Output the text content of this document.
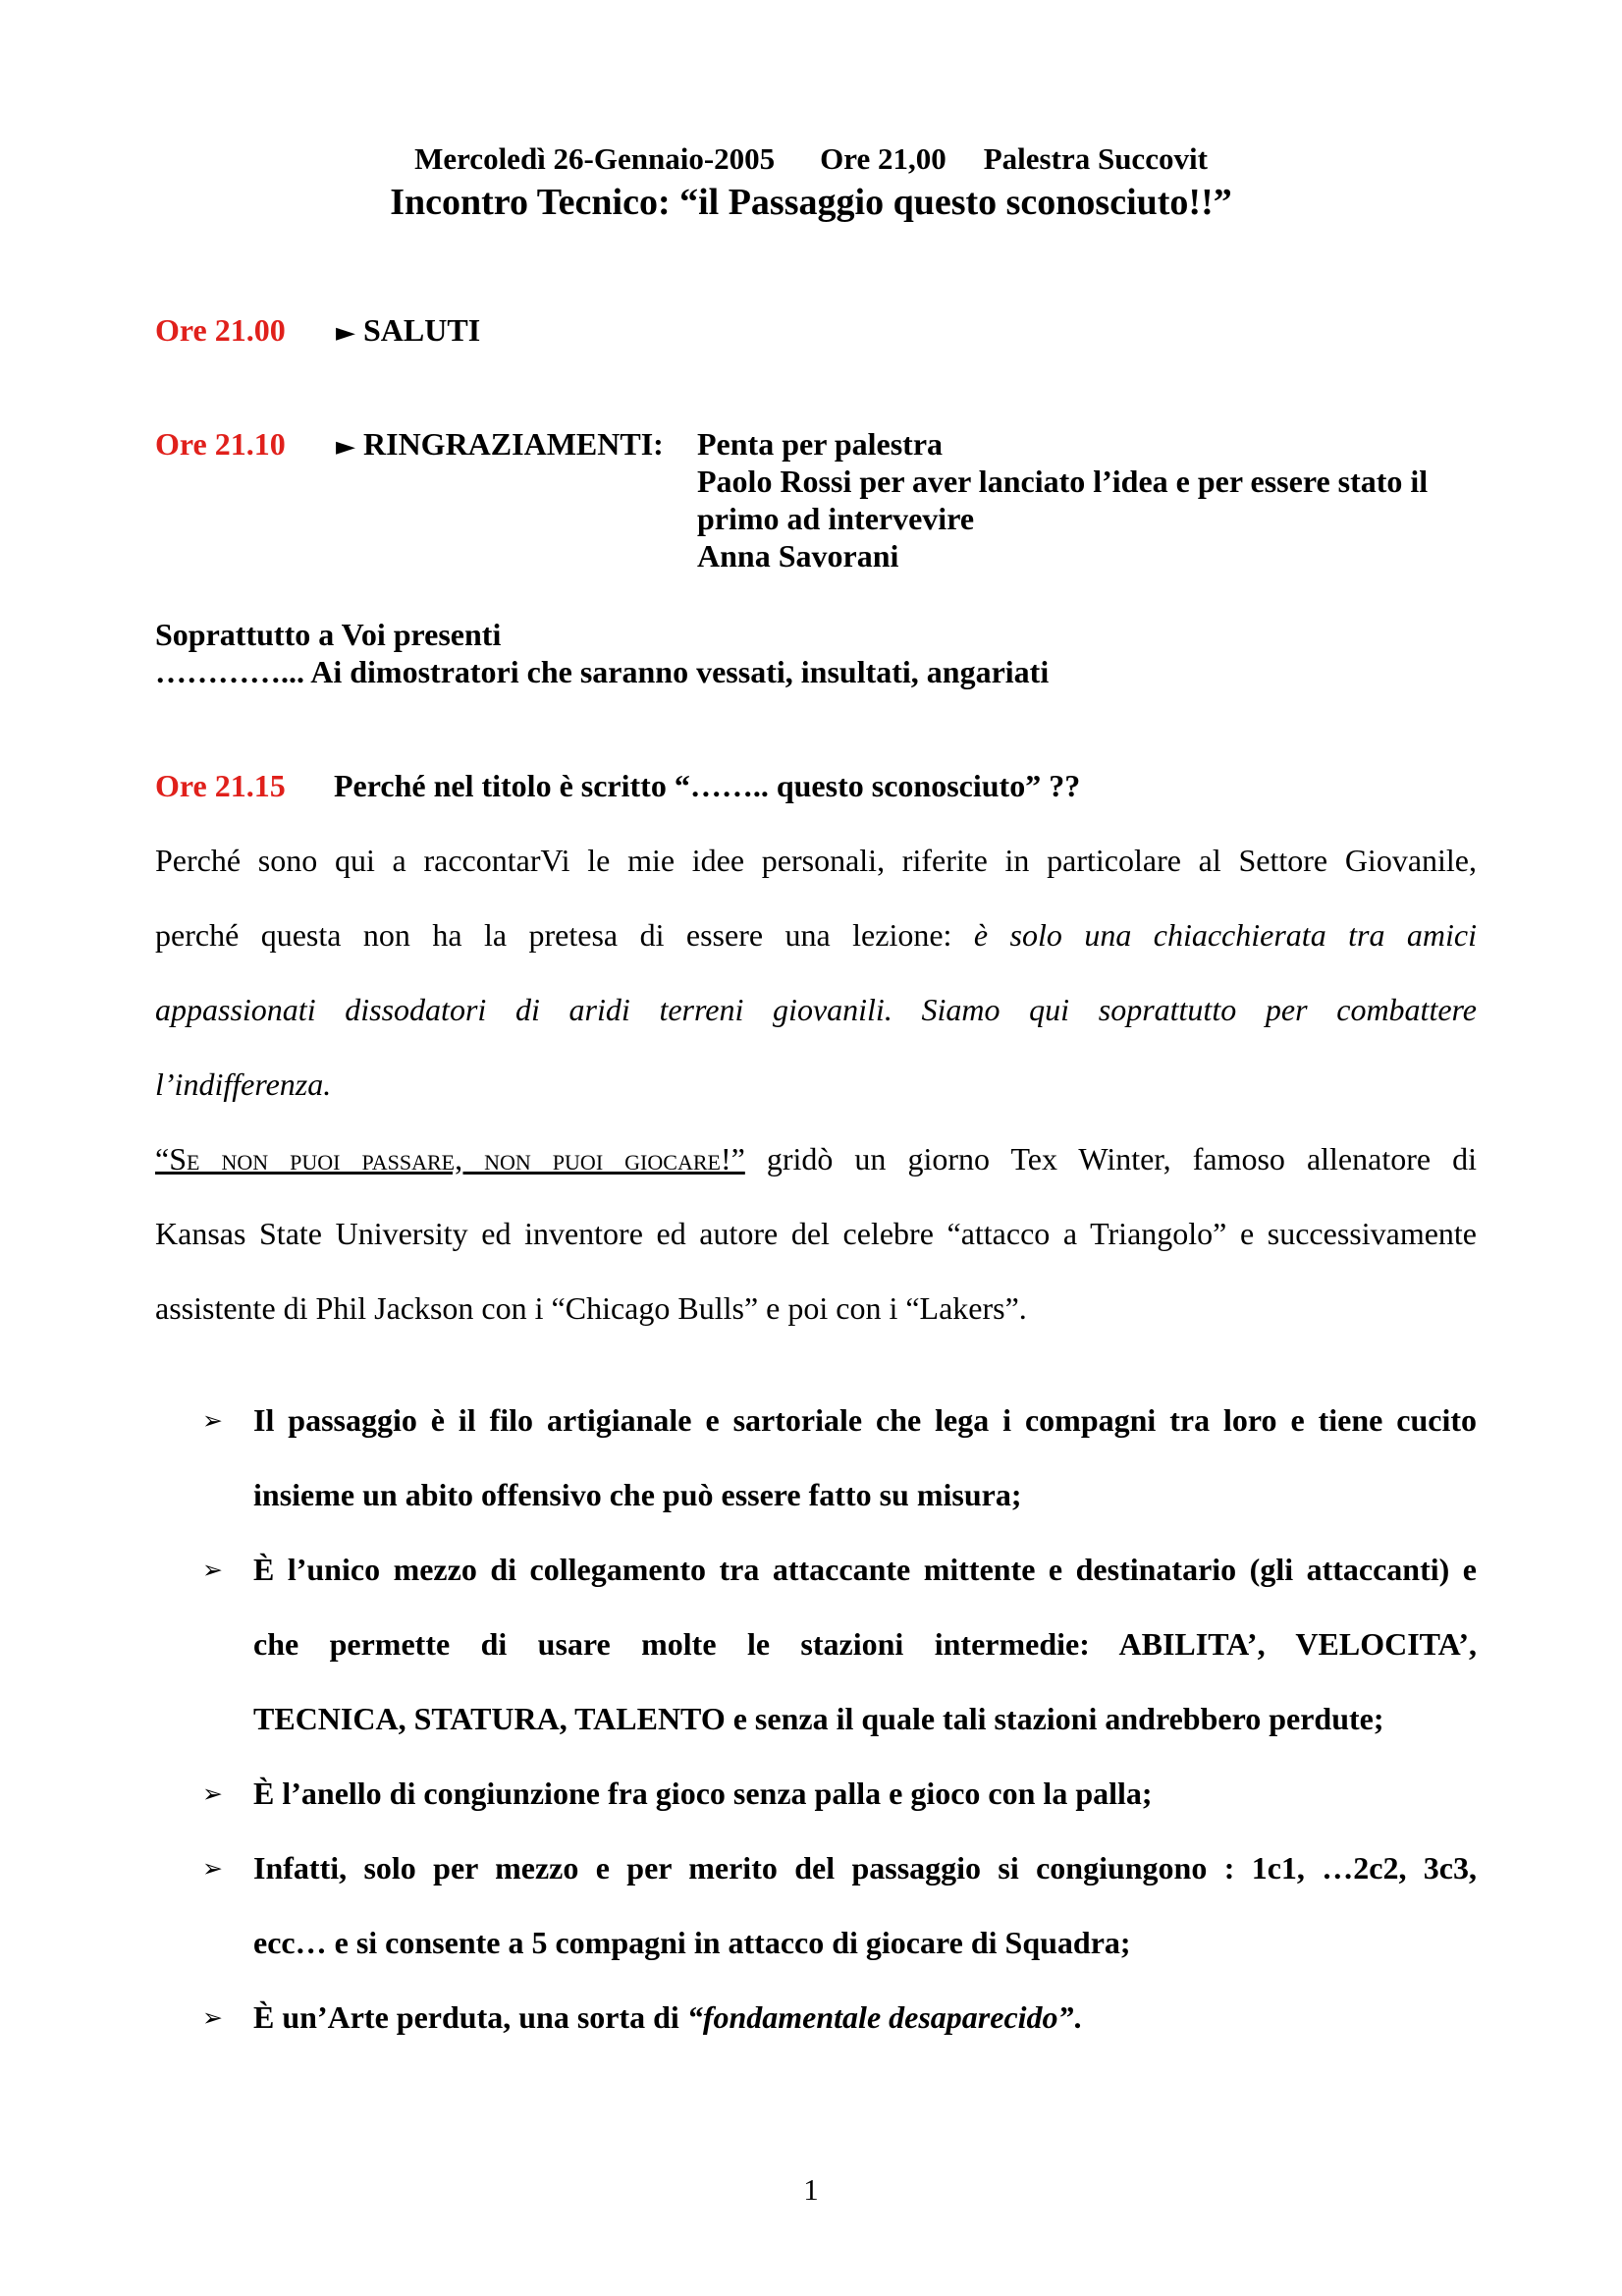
Mercoledì 26-Gennaio-2005 Ore 21,00 Palestra Succovit
Incontro Tecnico: “il Passaggio questo sconosciuto!!”
Ore 21.00 ► SALUTI
Ore 21.10 ► RINGRAZIAMENTI: Penta per palestra
Paolo Rossi per aver lanciato l’idea e per essere stato il
primo ad intervevire
Anna Savorani
Soprattutto a Voi presenti
…………... Ai dimostratori che saranno vessati, insultati, angariati
Ore 21.15 Perché nel titolo è scritto “…….. questo sconosciuto” ??
Perché sono qui a raccontarVi le mie idee personali, riferite in particolare al Settore Giovanile,
perché questa non ha la pretesa di essere una lezione: è solo una chiacchierata tra amici
appassionati dissodatori di aridi terreni giovanili. Siamo qui soprattutto per combattere
l’indifferenza.
“Se non puoi passare, non puoi giocare!” gridò un giorno Tex Winter, famoso allenatore di
Kansas State University ed inventore ed autore del celebre “attacco a Triangolo” e successivamente
assistente di Phil Jackson con i “Chicago Bulls” e poi con i “Lakers”.
➢ Il passaggio è il filo artigianale e sartoriale che lega i compagni tra loro e tiene cucito
insieme un abito offensivo che può essere fatto su misura;
➢ È l’unico mezzo di collegamento tra attaccante mittente e destinatario (gli attaccanti) e
che permette di usare molte le stazioni intermedie: ABILITA’, VELOCITA’,
TECNICA, STATURA, TALENTO e senza il quale tali stazioni andrebbero perdute;
➢ È l’anello di congiunzione fra gioco senza palla e gioco con la palla;
➢ Infatti, solo per mezzo e per merito del passaggio si congiungono : 1c1, …2c2, 3c3,
ecc… e si consente a 5 compagni in attacco di giocare di Squadra;
➢ È un’Arte perduta, una sorta di “fondamentale desaparecido”.
1
